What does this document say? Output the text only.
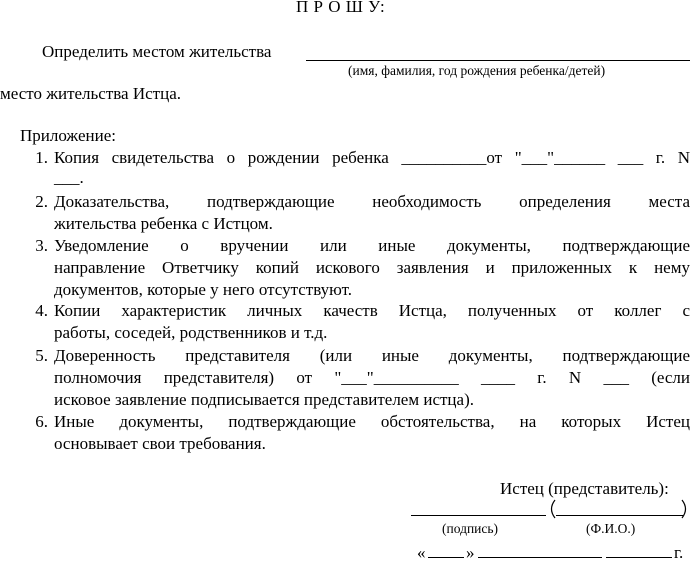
П Р О Ш У:
Определить местом жительства
(имя, фамилия, год рождения ребенка/детей)
место жительства Истца.
Приложение:
1. Копия свидетельства о рождении ребенка __________от "___"______ ___ г. N
___.
2. Доказательства, подтверждающие необходимость определения места
жительства ребенка с Истцом.
3. Уведомление о вручении или иные документы, подтверждающие
направление Ответчику копий искового заявления и приложенных к нему
документов, которые у него отсутствуют.
4. Копии характеристик личных качеств Истца, полученных от коллег с
работы, соседей, родственников и т.д.
5. Доверенность представителя (или иные документы, подтверждающие
полномочия представителя) от "___"__________ ____ г. N ___ (если
исковое заявление подписывается представителем истца).
6. Иные документы, подтверждающие обстоятельства, на которых Истец
основывает свои требования.
Истец (представитель):
(подпись)	(Ф.И.О.)
« »	г.
